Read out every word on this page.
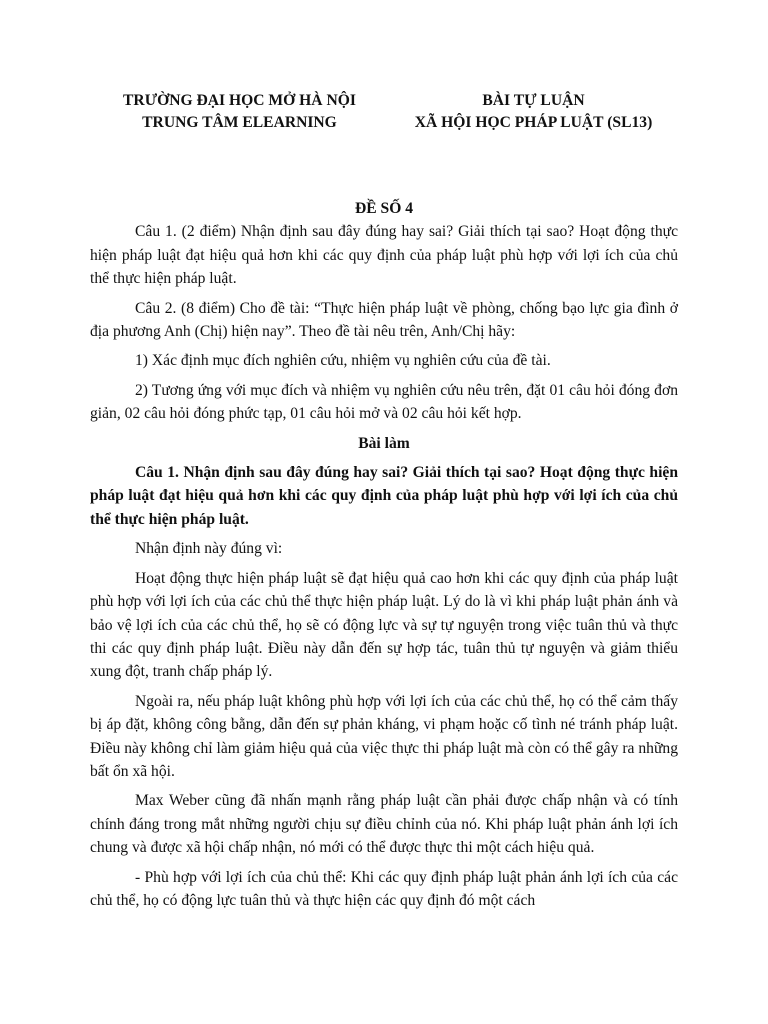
TRƯỜNG ĐẠI HỌC MỞ HÀ NỘI
TRUNG TÂM ELEARNING
BÀI TỰ LUẬN
XÃ HỘI HỌC PHÁP LUẬT (SL13)
ĐỀ SỐ 4

Câu 1. (2 điểm) Nhận định sau đây đúng hay sai? Giải thích tại sao? Hoạt động thực hiện pháp luật đạt hiệu quả hơn khi các quy định của pháp luật phù hợp với lợi ích của chủ thể thực hiện pháp luật.

Câu 2. (8 điểm) Cho đề tài: “Thực hiện pháp luật về phòng, chống bạo lực gia đình ở địa phương Anh (Chị) hiện nay”. Theo đề tài nêu trên, Anh/Chị hãy:

1) Xác định mục đích nghiên cứu, nhiệm vụ nghiên cứu của đề tài.

2) Tương ứng với mục đích và nhiệm vụ nghiên cứu nêu trên, đặt 01 câu hỏi đóng đơn giản, 02 câu hỏi đóng phức tạp, 01 câu hỏi mở và 02 câu hỏi kết hợp.

Bài làm

Câu 1. Nhận định sau đây đúng hay sai? Giải thích tại sao? Hoạt động thực hiện pháp luật đạt hiệu quả hơn khi các quy định của pháp luật phù hợp với lợi ích của chủ thể thực hiện pháp luật.

Nhận định này đúng vì:

Hoạt động thực hiện pháp luật sẽ đạt hiệu quả cao hơn khi các quy định của pháp luật phù hợp với lợi ích của các chủ thể thực hiện pháp luật. Lý do là vì khi pháp luật phản ánh và bảo vệ lợi ích của các chủ thể, họ sẽ có động lực và sự tự nguyện trong việc tuân thủ và thực thi các quy định pháp luật. Điều này dẫn đến sự hợp tác, tuân thủ tự nguyện và giảm thiểu xung đột, tranh chấp pháp lý.

Ngoài ra, nếu pháp luật không phù hợp với lợi ích của các chủ thể, họ có thể cảm thấy bị áp đặt, không công bằng, dẫn đến sự phản kháng, vi phạm hoặc cố tình né tránh pháp luật. Điều này không chỉ làm giảm hiệu quả của việc thực thi pháp luật mà còn có thể gây ra những bất ổn xã hội.

Max Weber cũng đã nhấn mạnh rằng pháp luật cần phải được chấp nhận và có tính chính đáng trong mắt những người chịu sự điều chỉnh của nó. Khi pháp luật phản ánh lợi ích chung và được xã hội chấp nhận, nó mới có thể được thực thi một cách hiệu quả.

- Phù hợp với lợi ích của chủ thể: Khi các quy định pháp luật phản ánh lợi ích của các chủ thể, họ có động lực tuân thủ và thực hiện các quy định đó một cách
